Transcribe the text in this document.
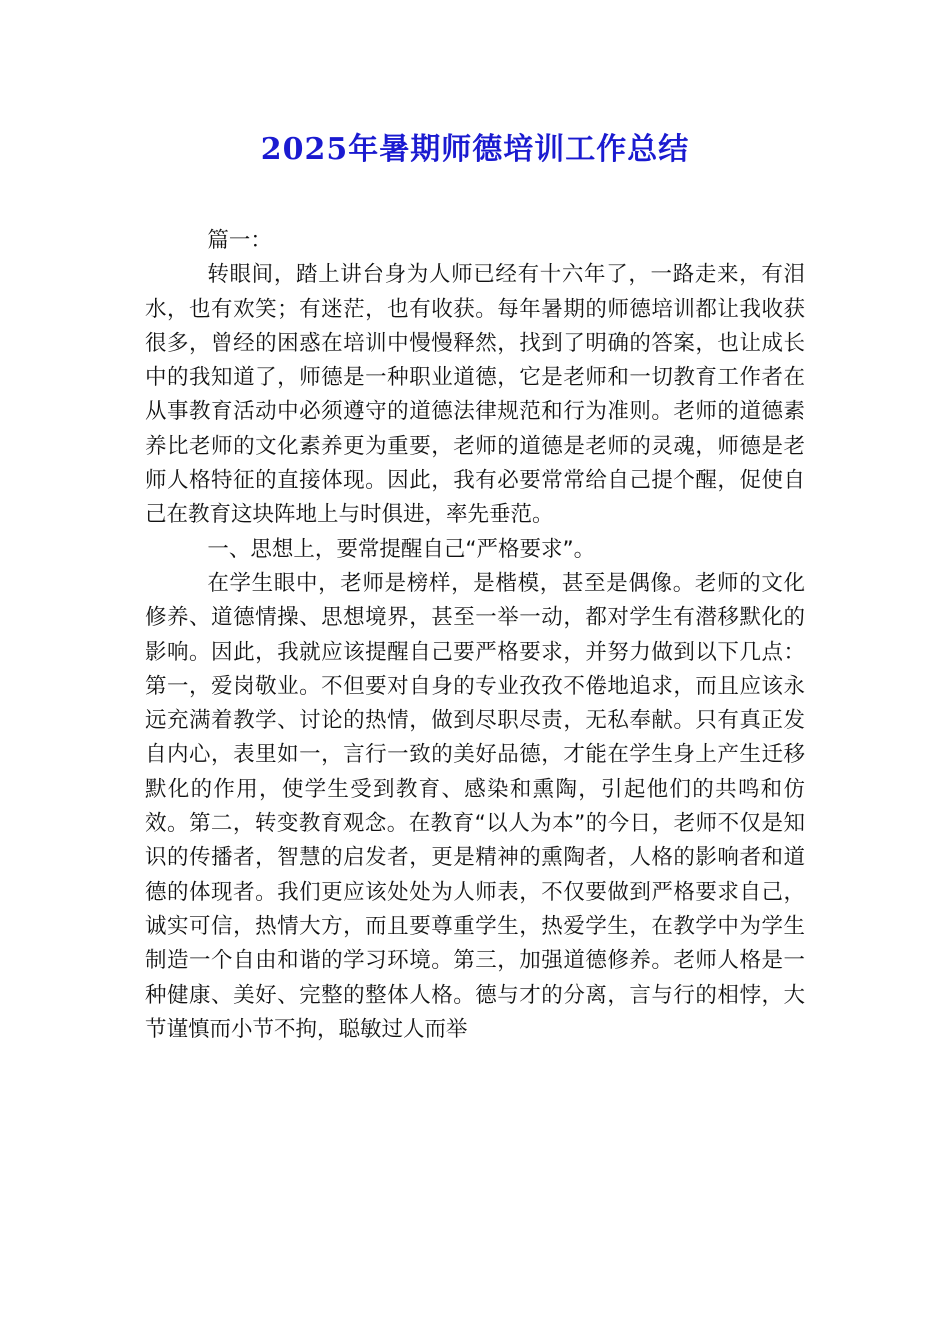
2025年暑期师德培训工作总结

篇一：

转眼间，踏上讲台身为人师已经有十六年了，一路走来，有泪水，也有欢笑；有迷茫，也有收获。每年暑期的师德培训都让我收获很多，曾经的困惑在培训中慢慢释然，找到了明确的答案，也让成长中的我知道了，师德是一种职业道德，它是老师和一切教育工作者在从事教育活动中必须遵守的道德法律规范和行为准则。老师的道德素养比老师的文化素养更为重要，老师的道德是老师的灵魂，师德是老师人格特征的直接体现。因此，我有必要常常给自己提个醒，促使自己在教育这块阵地上与时俱进，率先垂范。

一、思想上，要常提醒自己“严格要求”。

在学生眼中，老师是榜样，是楷模，甚至是偶像。老师的文化修养、道德情操、思想境界，甚至一举一动，都对学生有潜移默化的影响。因此，我就应该提醒自己要严格要求，并努力做到以下几点：第一，爱岗敬业。不但要对自身的专业孜孜不倦地追求，而且应该永远充满着教学、讨论的热情，做到尽职尽责，无私奉献。只有真正发自内心，表里如一，言行一致的美好品德，才能在学生身上产生迁移默化的作用，使学生受到教育、感染和熏陶，引起他们的共鸣和仿效。第二，转变教育观念。在教育“以人为本”的今日，老师不仅是知识的传播者，智慧的启发者，更是精神的熏陶者，人格的影响者和道德的体现者。我们更应该处处为人师表，不仅要做到严格要求自己，诚实可信，热情大方，而且要尊重学生，热爱学生，在教学中为学生制造一个自由和谐的学习环境。第三，加强道德修养。老师人格是一种健康、美好、完整的整体人格。德与才的分离，言与行的相悖，大节谨慎而小节不拘，聪敏过人而举
